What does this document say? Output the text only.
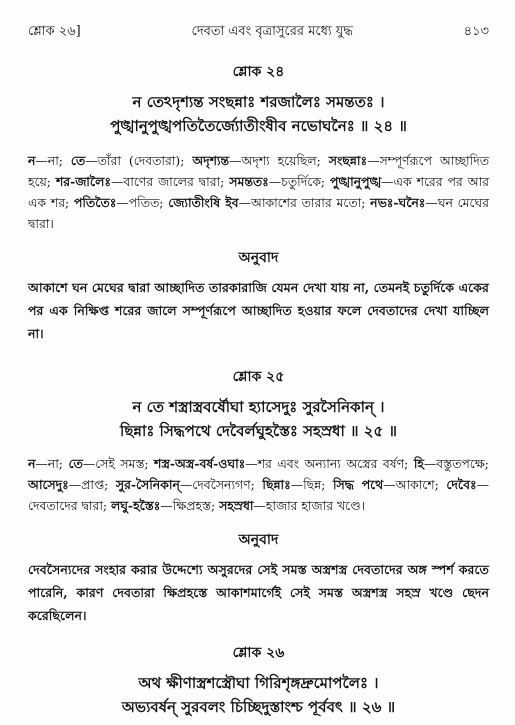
শ্লোক ২৬]	দেবতা এবং বৃত্রাসুরের মধ্যে যুদ্ধ	৪১৩
শ্লোক ২৪
ন তেঽদৃশ্যন্ত সংছন্নাঃ শরজালৈঃ সমন্ততঃ ।
পুঙ্খানুপুঙ্খপতিতৈর্জ্যোতীংষীব নভোঘনৈঃ ॥ ২৪ ॥

ন—না; তে—তাঁরা (দেবতারা); অদৃশ্যন্ত—অদৃশ্য হয়েছিল; সংছন্নাঃ—সম্পূর্ণরূপে আচ্ছাদিত হয়ে; শর-জালৈঃ—বাণের জালের দ্বারা; সমন্ততঃ—চতুর্দিকে; পুঙ্খানুপুঙ্খ—এক শরের পর আর এক শর; পতিতৈঃ—পতিত; জ্যোতীংষি ইব—আকাশের তারার মতো; নভঃ-ঘনৈঃ—ঘন মেঘের দ্বারা।

অনুবাদ

আকাশে ঘন মেঘের দ্বারা আচ্ছাদিত তারকারাজি যেমন দেখা যায় না, তেমনই চতুর্দিকে একের পর এক নিক্ষিপ্ত শরের জালে সম্পূর্ণরূপে আচ্ছাদিত হওয়ার ফলে দেবতাদের দেখা যাচ্ছিল না।

শ্লোক ২৫
ন তে শস্ত্রাস্ত্রবর্ষৌঘা হ্যাসেদুঃ সুরসৈনিকান্ ।
ছিন্নাঃ সিদ্ধপথে দেবৈর্লঘুহস্তৈঃ সহস্রধা ॥ ২৫ ॥

ন—না; তে—সেই সমস্ত; শস্ত্র-অস্ত্র-বর্ষ-ওঘাঃ—শর এবং অন্যান্য অস্ত্রের বর্ষণ; হি—বস্তুতপক্ষে; আসেদুঃ—প্রাপ্ত; সুর-সৈনিকান্—দেবসৈন্যগণ; ছিন্নাঃ—ছিন্ন; সিদ্ধ পথে—আকাশে; দেবৈঃ—দেবতাদের দ্বারা; লঘু-হস্তৈঃ—ক্ষিপ্রহস্ত; সহস্রধা—হাজার হাজার খণ্ডে।

অনুবাদ

দেবসৈন্যদের সংহার করার উদ্দেশ্যে অসুরদের সেই সমস্ত অস্ত্রশস্ত্র দেবতাদের অঙ্গ স্পর্শ করতে পারেনি, কারণ দেবতারা ক্ষিপ্রহস্তে আকাশমার্গেই সেই সমস্ত অস্ত্রশস্ত্র সহস্র খণ্ডে ছেদন করেছিলেন।

শ্লোক ২৬
অথ ক্ষীণাস্ত্রশস্ত্রৌঘা গিরিশৃঙ্গদ্রুমোপলৈঃ ।
অভ্যবর্ষন্ সুরবলং চিচ্ছিদুস্তাংশ্চ পূর্ববৎ ॥ ২৬ ॥
